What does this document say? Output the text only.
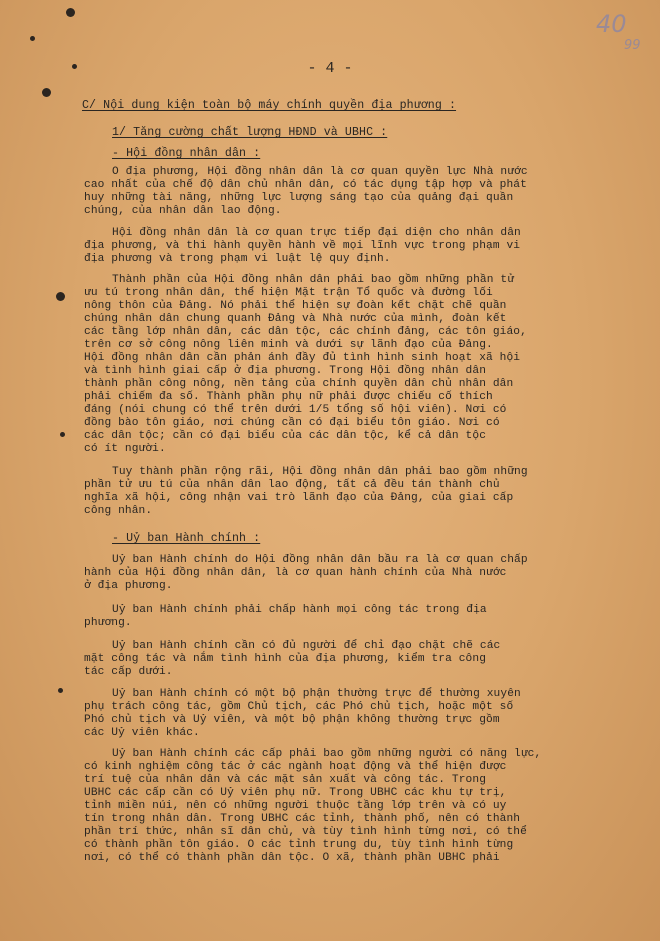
40
99
- 4 -
C/ Nội dung kiện toàn bộ máy chính quyền địa phương :
1/ Tăng cường chất lượng HĐND và UBHC :
- Hội đồng nhân dân :
O địa phương, Hội đồng nhân dân là cơ quan quyền lực Nhà nước
cao nhất của chế độ dân chủ nhân dân, có tác dụng tập hợp và phát
huy những tài năng, những lực lượng sáng tạo của quảng đại quần
chúng, của nhân dân lao động.
Hội đồng nhân dân là cơ quan trực tiếp đại diện cho nhân dân
địa phương, và thi hành quyền hành về mọi lĩnh vực trong phạm vi
địa phương và trong phạm vi luật lệ quy định.
Thành phần của Hội đồng nhân dân phải bao gồm những phần tử
ưu tú trong nhân dân, thể hiện Mặt trận Tổ quốc và đường lối
nông thôn của Đảng. Nó phải thể hiện sự đoàn kết chặt chẽ quần
chúng nhân dân chung quanh Đảng và Nhà nước của mình, đoàn kết
các tầng lớp nhân dân, các dân tộc, các chính đảng, các tôn giáo,
trên cơ sở công nông liên minh và dưới sự lãnh đạo của Đảng.
Hội đồng nhân dân cần phản ánh đầy đủ tình hình sinh hoạt xã hội
và tình hình giai cấp ở địa phương. Trong Hội đồng nhân dân
thành phần công nông, nền tảng của chính quyền dân chủ nhân dân
phải chiếm đa số. Thành phần phụ nữ phải được chiếu cố thích
đáng (nói chung có thể trên dưới 1/5 tổng số hội viên). Nơi có
đồng bào tôn giáo, nơi chúng cần có đại biểu tôn giáo. Nơi có
các dân tộc; cần có đại biểu của các dân tộc, kể cả dân tộc
có ít người.
Tuy thành phần rộng rãi, Hội đồng nhân dân phải bao gồm những
phần tử ưu tú của nhân dân lao động, tất cả đều tán thành chủ
nghĩa xã hội, công nhận vai trò lãnh đạo của Đảng, của giai cấp
công nhân.
- Uỷ ban Hành chính :
Uỷ ban Hành chính do Hội đồng nhân dân bầu ra là cơ quan chấp
hành của Hội đồng nhân dân, là cơ quan hành chính của Nhà nước
ở địa phương.
Uỷ ban Hành chính phải chấp hành mọi công tác trong địa
phương.
Uỷ ban Hành chính cần có đủ người để chỉ đạo chặt chẽ các
mặt công tác và nắm tình hình của địa phương, kiểm tra công
tác cấp dưới.
Uỷ ban Hành chính có một bộ phận thường trực để thường xuyên
phụ trách công tác, gồm Chủ tịch, các Phó chủ tịch, hoặc một số
Phó chủ tịch và Uỷ viên, và một bộ phận không thường trực gồm
các Uỷ viên khác.
Uỷ ban Hành chính các cấp phải bao gồm những người có năng lực,
có kinh nghiệm công tác ở các ngành hoạt động và thể hiện được
trí tuệ của nhân dân và các mặt sản xuất và công tác. Trong
UBHC các cấp cần có Uỷ viên phụ nữ. Trong UBHC các khu tự trị,
tỉnh miền núi, nên có những người thuộc tầng lớp trên và có uy
tín trong nhân dân. Trong UBHC các tỉnh, thành phố, nên có thành
phần trí thức, nhân sĩ dân chủ, và tùy tình hình từng nơi, có thể
có thành phần tôn giáo. O các tỉnh trung du, tùy tình hình từng
nơi, có thể có thành phần dân tộc. O xã, thành phần UBHC phải
